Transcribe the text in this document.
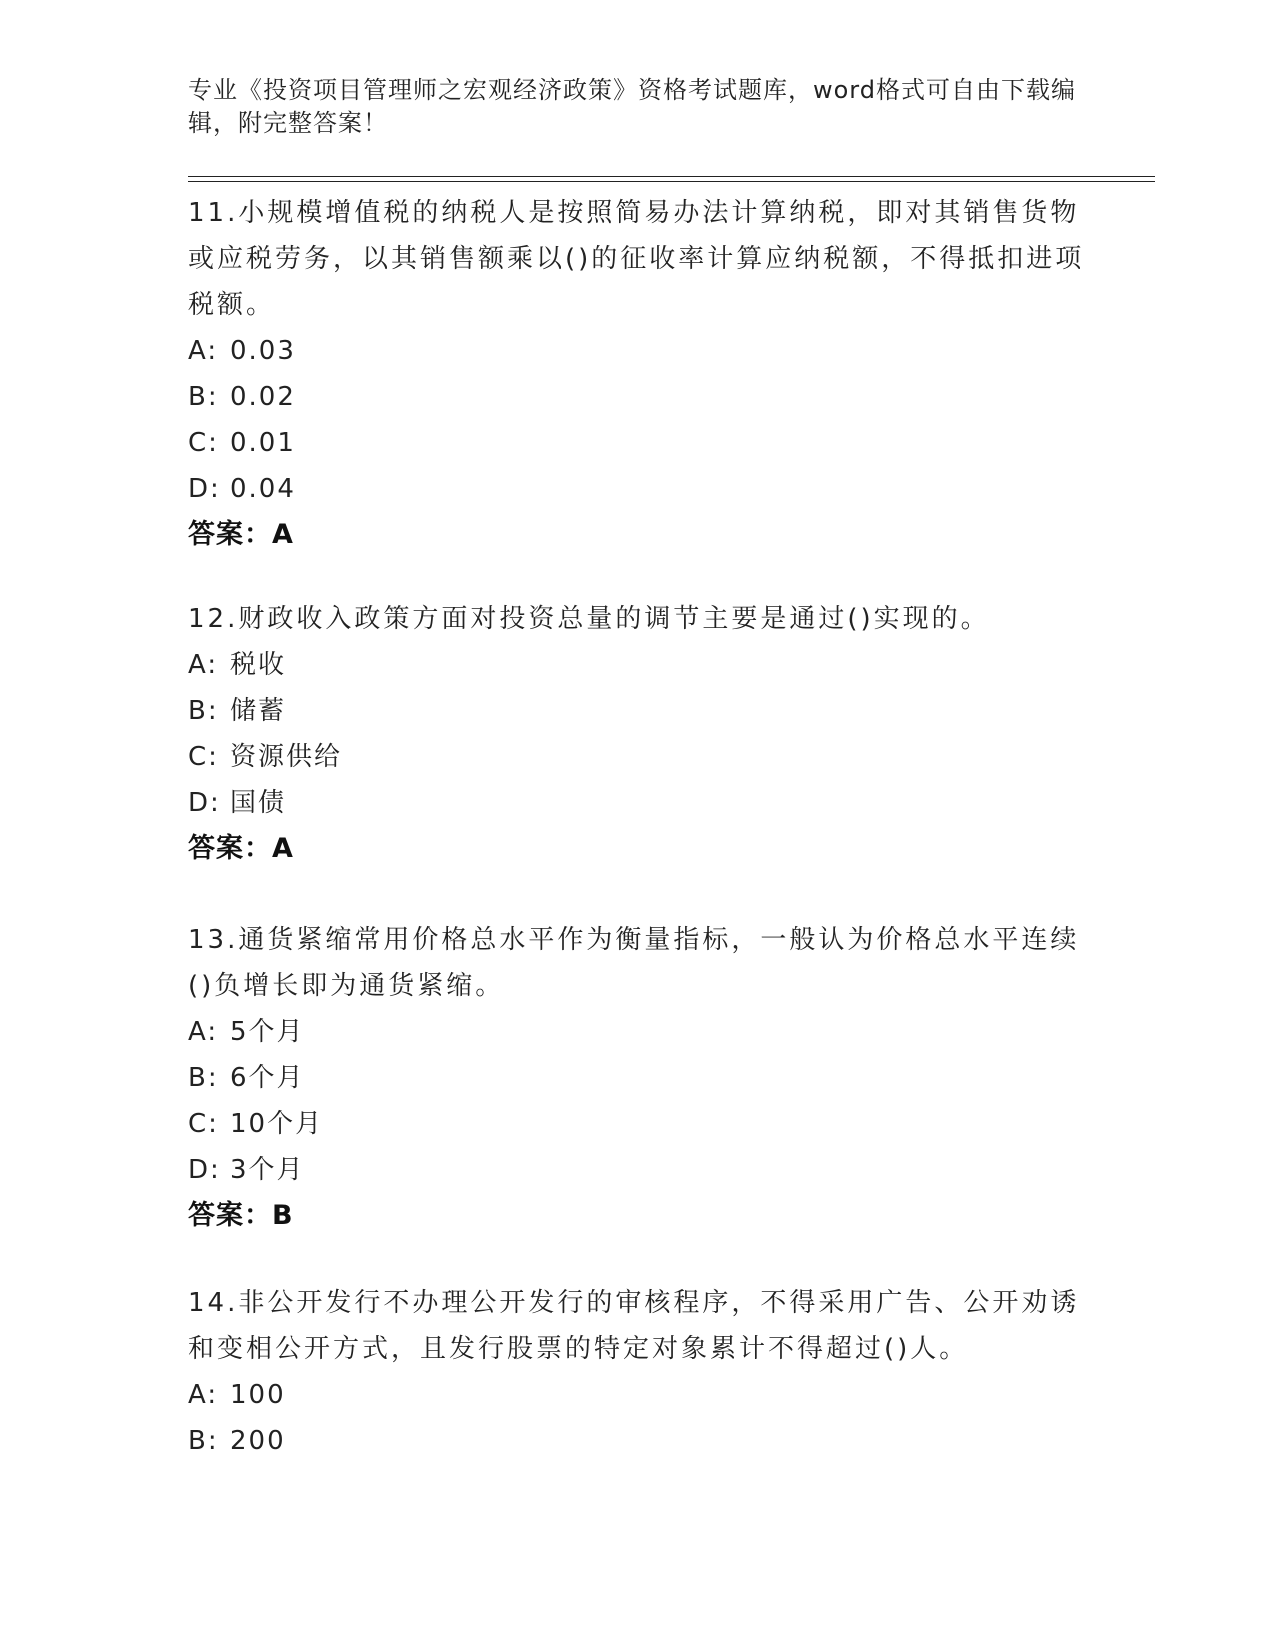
专业《投资项目管理师之宏观经济政策》资格考试题库，word格式可自由下载编辑，附完整答案！

11.小规模增值税的纳税人是按照简易办法计算纳税，即对其销售货物或应税劳务，以其销售额乘以()的征收率计算应纳税额，不得抵扣进项税额。

A: 0.03
B: 0.02
C: 0.01
D: 0.04
答案：A

12.财政收入政策方面对投资总量的调节主要是通过()实现的。

A: 税收
B: 储蓄
C: 资源供给
D: 国债
答案：A

13.通货紧缩常用价格总水平作为衡量指标，一般认为价格总水平连续()负增长即为通货紧缩。

A: 5个月
B: 6个月
C: 10个月
D: 3个月
答案：B

14.非公开发行不办理公开发行的审核程序，不得采用广告、公开劝诱和变相公开方式，且发行股票的特定对象累计不得超过()人。

A: 100
B: 200
